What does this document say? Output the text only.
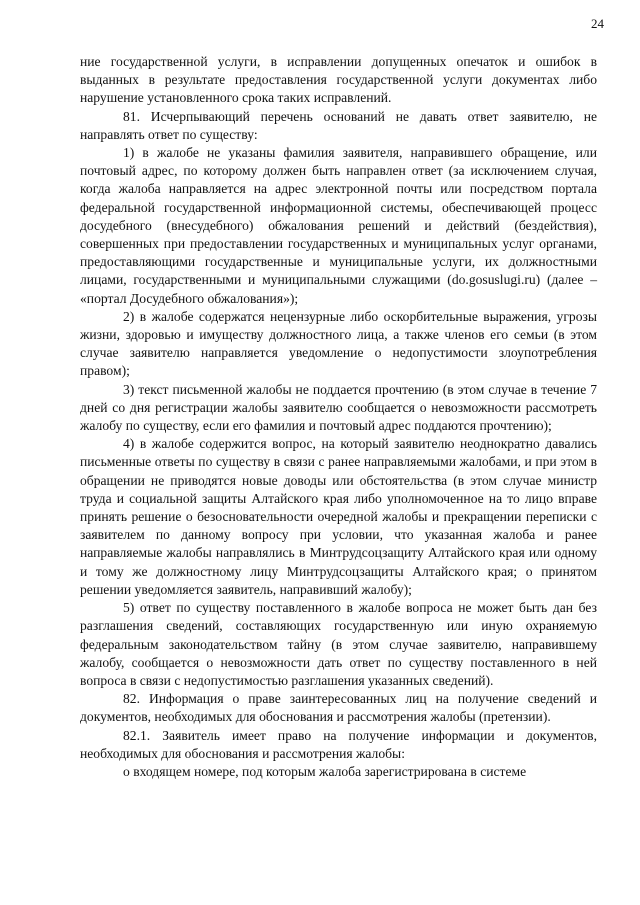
24

ние государственной услуги, в исправлении допущенных опечаток и ошибок в выданных в результате предоставления государственной услуги документах либо нарушение установленного срока таких исправлений.

81. Исчерпывающий перечень оснований не давать ответ заявителю, не направлять ответ по существу:

1) в жалобе не указаны фамилия заявителя, направившего обращение, или почтовый адрес, по которому должен быть направлен ответ (за исключением случая, когда жалоба направляется на адрес электронной почты или посредством портала федеральной государственной информационной системы, обеспечивающей процесс досудебного (внесудебного) обжалования решений и действий (бездействия), совершенных при предоставлении государственных и муниципальных услуг органами, предоставляющими государственные и муниципальные услуги, их должностными лицами, государственными и муниципальными служащими (do.gosuslugi.ru) (далее – «портал Досудебного обжалования»);

2) в жалобе содержатся нецензурные либо оскорбительные выражения, угрозы жизни, здоровью и имуществу должностного лица, а также членов его семьи (в этом случае заявителю направляется уведомление о недопустимости злоупотребления правом);

3) текст письменной жалобы не поддается прочтению (в этом случае в течение 7 дней со дня регистрации жалобы заявителю сообщается о невозможности рассмотреть жалобу по существу, если его фамилия и почтовый адрес поддаются прочтению);

4) в жалобе содержится вопрос, на который заявителю неоднократно давались письменные ответы по существу в связи с ранее направляемыми жалобами, и при этом в обращении не приводятся новые доводы или обстоятельства (в этом случае министр труда и социальной защиты Алтайского края либо уполномоченное на то лицо вправе принять решение о безосновательности очередной жалобы и прекращении переписки с заявителем по данному вопросу при условии, что указанная жалоба и ранее направляемые жалобы направлялись в Минтрудсоцзащиту Алтайского края или одному и тому же должностному лицу Минтрудсоцзащиты Алтайского края; о принятом решении уведомляется заявитель, направивший жалобу);

5) ответ по существу поставленного в жалобе вопроса не может быть дан без разглашения сведений, составляющих государственную или иную охраняемую федеральным законодательством тайну (в этом случае заявителю, направившему жалобу, сообщается о невозможности дать ответ по существу поставленного в ней вопроса в связи с недопустимостью разглашения указанных сведений).

82. Информация о праве заинтересованных лиц на получение сведений и документов, необходимых для обоснования и рассмотрения жалобы (претензии).

82.1. Заявитель имеет право на получение информации и документов, необходимых для обоснования и рассмотрения жалобы:

о входящем номере, под которым жалоба зарегистрирована в системе
